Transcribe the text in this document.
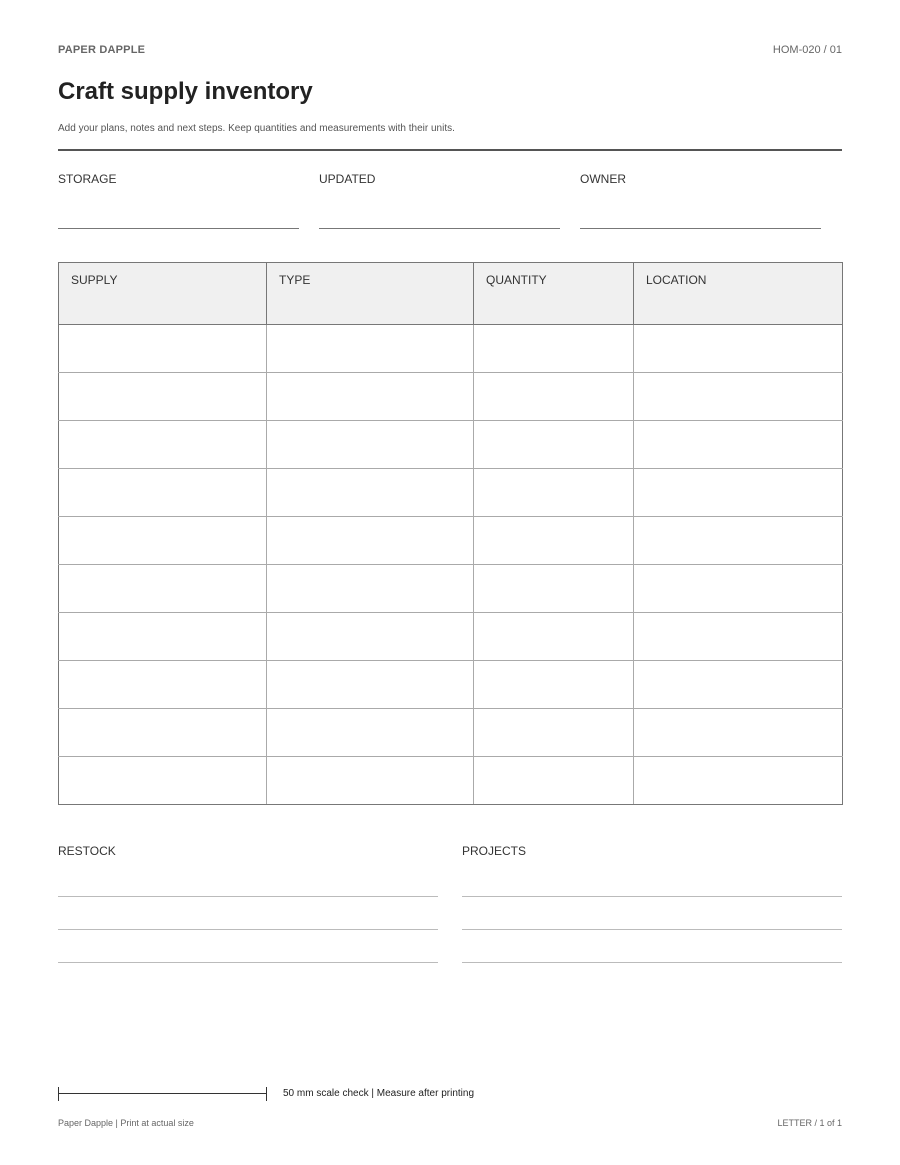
PAPER DAPPLE	HOM-020 / 01
Craft supply inventory
Add your plans, notes and next steps. Keep quantities and measurements with their units.
STORAGE	UPDATED	OWNER
SUPPLY	TYPE	QUANTITY	LOCATION

RESTOCK	PROJECTS
50 mm scale check | Measure after printing
Paper Dapple | Print at actual size	LETTER / 1 of 1
